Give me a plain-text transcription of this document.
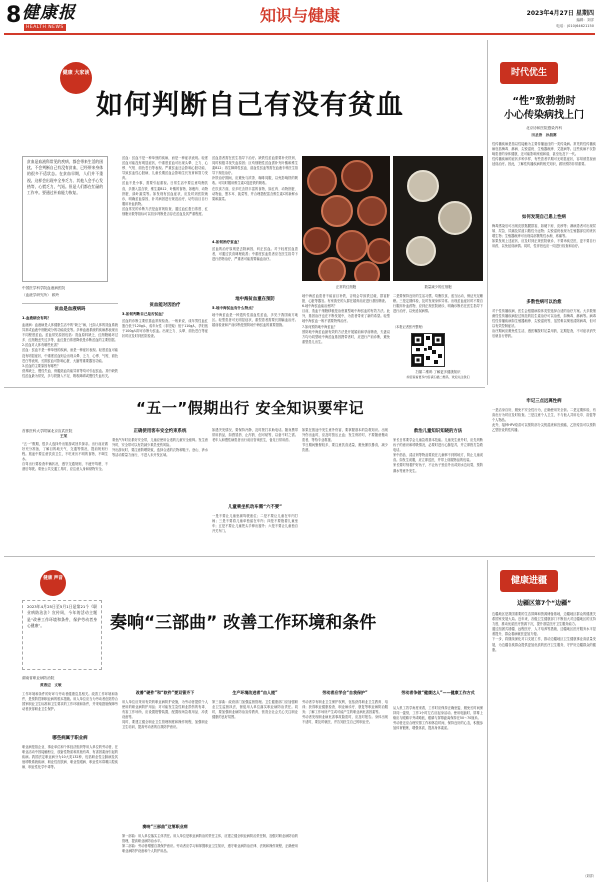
8 健康报
HEALTH NEWS
知识与健康	2023年4月27日 星期四
编辑：刘洋
电话：(010)64621150
健康 大家谈
如何判断自己有没有贫血
贫血是血液科常见的疾病，都会带来生活的困扰。不会判断自己有没有贫血，已经带来身体的很多不适状态。在贫血早期，人们并不重视。这样会出现中全身乏力、其他人会手心发热等，心慌乏力，气短。但是人们都在忙碌的工作中。要通过补血能力恢复。
中国医学科学院血液病医院
（血液学研究所） 顾玲
贫血是血液病吗
1.血液病会有吗？
血液病：血液病是人体健康生活中的“缺乏”病，比如人体的造血系统异常或血液中细胞成分的功能改变等。多种血液系统的疾病都表现出不同程度贫血。贫血常见原因包括：造血原料缺乏、红细胞破坏过多、红细胞丢失过多等，血红蛋白浓度降低是诊断贫血的主要依据。
2.贫血对人体有哪些危害？
贫血：贫血不是一种单独的疾病，而是一种症状表现。轻度贫血可能没有明显症状，中重度贫血则会出现头晕、乏力、心悸、气短、面色苍白等表现，长期贫血可影响心脏、大脑等重要器官功能。
3.贫血的主要原因有哪些？
营养缺乏、慢性失血、骨髓造血功能异常等均可引起贫血。其中缺铁性贫血最为常见，多与铁摄入不足、吸收障碍或慢性失血有关。
贫血：贫血不是一种单独的疾病，而是一种症状表现。轻度贫血可能没有明显症状，中重度贫血可出现头晕、乏力、心悸、气短、面色苍白等表现。严重贫血还会影响心脏功能，导致贫血性心脏病，儿童长期贫血会影响生长发育和智力发育。
贫血不是小事，需要引起重视。日常生活中要注意均衡饮食，多摄入富含铁、维生素B12、叶酸的食物，如瘦肉、动物肝脏、绿叶蔬菜等。如发现有贫血症状，应及时到医院就诊，明确贫血原因，针对病因进行规范治疗，切勿盲目自行服用补血药物。
贫血常见的诊断方法是血常规检查，通过血红蛋白浓度、红细胞计数等指标可以初步判断是否存在贫血及其严重程度。
贫血能对因治疗
3.如何判断自己是否贫血？
贫血的诊断主要依靠血常规检查。一般来说，成年男性血红蛋白低于120g/L，成年女性（非妊娠）低于110g/L，孕妇低于100g/L即可诊断为贫血。出现乏力、头晕、面色苍白等症状时应及时到医院检查。
贫血患者需在医生指导下治疗。缺铁性贫血需要补充铁剂，同时积极寻找失血原因；巨幼细胞性贫血需补充叶酸和维生素B12；再生障碍性贫血、溶血性贫血等需在血液专科医生指导下规范治疗。
补铁治疗期间，应避免与浓茶、咖啡同服，以免影响铁的吸收。可同时服用维生素C促进铁的吸收。
在饮食方面，应多吃含铁丰富的食物，如红肉、动物肝脏、动物血、黑木耳、菠菜等，并合理搭配富含维生素C的新鲜水果和蔬菜。
4.如何治疗贫血？
贫血的治疗原则是去除病因，纠正贫血。对于轻度贫血患者，可通过饮食调理改善；中重度贫血患者应在医生指导下进行药物治疗，严重者可能需要输血治疗。
地中海贫血重在预防
5.地中海贫血有什么特点？
地中海贫血是一种遗传性溶血性贫血，多见于我国南方地区。轻型患者可无明显症状，重型患者需要长期输血治疗。婚前检查和产前诊断是预防地中海贫血的重要措施。
正常的红细胞	数量减少的红细胞
地中海贫血患者不能盲目补铁，否则会导致铁过载，损害肝脏、心脏等器官。有家族史的人群在婚育前应进行基因筛查。
6.地中海贫血能治愈吗？
目前，造血干细胞移植是治愈重型地中海贫血的有效方法。此外，基因治疗也在不断发展中，为患者带来了新的希望。轻型地中海贫血一般不需要特殊治疗。
7.如何预防地中海贫血？
预防地中海贫血最有效的方法是开展婚前和孕前筛查，夫妻双方均为同型地中海贫血基因携带者时，应进行产前诊断，避免重型患儿出生。
二是要保持良好的生活习惯，均衡饮食，适当运动，保证充足睡眠。三是定期体检，及时发现身体异常。出现贫血症状时不要自行服用补血药物，应到正规医院就诊，明确诊断后在医生指导下进行治疗，以免延误病情。
（本报记者张丹整理）
扫描二维码 了解更多健康知识
如需查看更多内容请扫描二维码，欢迎关注我们
时代优生
“性”致勃勃时
小心传染病找上门
北京协和医院感染内科
田圣涛　孙晨赛
性传播疾病是指以性接触为主要传播途径的一类传染病。常见的性传播疾病包括梅毒、淋病、尖锐湿疣、生殖器疱疹、艾滋病等。这些疾病不仅影响患者的身体健康，还可能影响家庭和谐，甚至危及下一代。
性传播疾病的症状多种多样，有些患者早期可无明显症状，容易被忽视而延误治疗。因此，了解性传播疾病的相关知识，做好预防非常重要。
如何发现自己患上性病
梅毒感染后可出现皮肤黏膜损害，如硬下疳、皮疹等；淋病患者可出现尿频、尿急、尿痛及尿道口脓性分泌物；尖锐湿疣表现为生殖器部位的疣状增生物；生殖器疱疹可出现局部簇集性水疱、疼痛等。
如果发现上述症状，应及时到正规医院就诊，不要讳疾忌医，更不要自行用药，以免延误病情。同时，性伴侣也应一同进行检查和治疗。
多数性病可以治愈
对于性传播疾病，医生会根据病原体类型选择合适的治疗方案。大多数细菌性性传播疾病经过规范的抗生素治疗可以治愈，如梅毒、淋病等。病毒性性传播疾病如生殖器疱疹、尖锐湿疣等，虽然难以彻底清除病毒，但可以有效控制症状。
治疗期间应避免性生活，遵医嘱按时足量用药，定期复查，不可症状消失后就自行停药。
牢记三点远离性病
一是洁身自好，避免不安全性行为，正确使用安全套。二是定期体检，有高危行为时应及时检查。三是注意个人卫生，不与他人共用毛巾、浴盆等个人物品。
此外，接种HPV疫苗可以预防部分尖锐湿疣和宫颈癌，乙肝疫苗可以预防乙型肝炎的性传播。
“五一”假期出行 安全知识要牢记
首都医科大学附属北京宣武医院
王某
“五一”假期，很多人选择外出旅游或回乡探亲。出行前应做好充分准备，了解目的地天气、交通等情况，提前规划行程。旅途中要注意饮食卫生，不吃来历不明的食物，不喝生水。
自驾出行要检查车辆状况，遵守交通规则，不疲劳驾驶、不酒后驾驶。乘坐公共交通工具时，应注意人身和财物安全。
正确使用客车安全约束系统
乘坐汽车时应系好安全带，儿童应使用合适的儿童安全座椅。发生意外时，安全带可以有效减少乘员受伤风险。
外出游玩时，要注意防晒防蚊，选择合适的衣物和鞋子。登山、涉水等活动要量力而行，不进入未开发区域。
如遇突发情况，要保持冷静，及时拨打求助电话。随身携带常用药品，如感冒药、止泻药、创可贴等，以备不时之需。老年人和慢性病患者出行前应咨询医生，备足日常用药。
儿童乘坐机动车需“六不要”
一是不要让儿童坐副驾驶座位；二是不要让儿童在车内打闹；三是不要将儿童单独留在车内；四是不要抱着儿童坐车；五是不要让儿童把头手伸出窗外；六是不要让儿童独自开关车门。
如果在旅途中发生意外伤害，要掌握基本的急救知识。出现外伤出血时，应及时按压止血；发生骨折时，不要随意搬动患者，等待专业救援。
节日期间聚餐较多，要注意饮食适量，避免暴饮暴食，减少饮酒。
救治儿童知识知晓的方法
家长日常要学会儿童急救基本技能。儿童发生意外时，应先判断孩子的意识和呼吸情况，必要时进行心肺复苏，并立即拨打急救电话。
家中药品、清洁剂等物品要放在儿童够不到的地方，防止儿童误食。如发生误服，应立即送医，并带上误服物品的包装。
家长要时刻看护好孩子，不让孩子独自外出或到水边玩耍，预防溺水等意外发生。
健康 声音
2023年4月25日至5月1日是第21个《职业病防治法》宣传周，今年的活动主题是“改善工作环境和条件，保护劳动者身心健康”。	奏响“三部曲” 改善工作环境和条件
湖南省职业病防治院
黄燕迈　文敏
工作环境和条件的好坏与劳动者健康息息相关。改善工作环境和条件，是预防控制职业病的根本措施。用人单位应当为劳动者创造符合国家职业卫生标准和卫生要求的工作环境和条件，并采取措施保障劳动者获得职业卫生保护。
哪些病属于职业病
职业病是指企业、事业单位和个体经济组织等用人单位的劳动者，在职业活动中因接触粉尘、放射性物质和其他有毒、有害因素而引起的疾病。我国法定职业病分为10大类132种，包括职业性尘肺病及其他呼吸系统疾病、职业性皮肤病、职业性眼病、职业性耳鼻喉口腔疾病、职业性化学中毒等。
改善“硬件”和“软件”要双管齐下
用人单位应采用有效的职业病防护设施，为劳动者提供个人使用的职业病防护用品；对可能发生急性职业损伤的有毒、有害工作场所，应设置报警装置，配置现场急救用品、冲洗设备等。
同时，要建立健全职业卫生管理制度和操作规程，加强职业卫生培训，提高劳动者的自我防护意识。
奏响“三部曲”这第职业病
第一部曲：用人单位落实主体责任。用人单位是职业病防治的责任主体，应建立健全职业病防治责任制，加强对职业病防治的管理，提高职业病防治水平。
第二部曲：劳动者增强自我保护意识。劳动者应学习和掌握职业卫生知识，遵守职业病防治法律、法规和操作规程，正确使用职业病防护设备和个人防护用品。
生产环境改进者“由人提”
第三部曲：政府部门加强监督管理。卫生健康部门应加强职业卫生监督执法，督促用人单位落实职业病防治责任。同时，要加强职业病防治宣传教育，营造全社会关心关注职业健康的良好氛围。
劳动者应学会“自我保护”
劳动者享有职业卫生保护权利，包括获得职业卫生教育、培训；获得职业健康检查、职业病诊疗、康复等职业病防治服务；了解工作场所产生或可能产生的职业病危害因素等。
劳动者发现职业病危害事故隐患时，应及时报告。身体出现不适时，要及时就医，并告知医生自己的职业史。
劳动者争做“健康达人”——健康工作方式
从人机工效学角度来看，工作时应保持正确坐姿，避免长时间保持同一姿势，工作1小时左右应起身活动。使用电脑时，屏幕上缘应与眼睛平齐或略低，眼睛与屏幕距离保持在50～70厘米。
劳动者还应合理安排工作和休息时间，保持良好的心态，积极参加体育锻炼，增强体质，提高身体素质。
健康进疆
边疆区第7个“边疆”
边疆地区是我国重要的生态屏障和资源储备基地，边疆地区群众的健康关系国家发展大局。近年来，各级卫生健康部门不断加大对边疆地区的支持力度，推动优质医疗资源下沉，提升基层医疗卫生服务能力。
通过组团式援疆、远程医疗、人才培养等措施，边疆地区医疗服务水平显著提升，群众看病就医更加方便。
下一步，将继续深化对口支援工作，推动边疆地区卫生健康事业高质量发展，为边疆各族群众提供更加优质的医疗卫生服务，守护好边疆群众的健康。
（刘洋）
